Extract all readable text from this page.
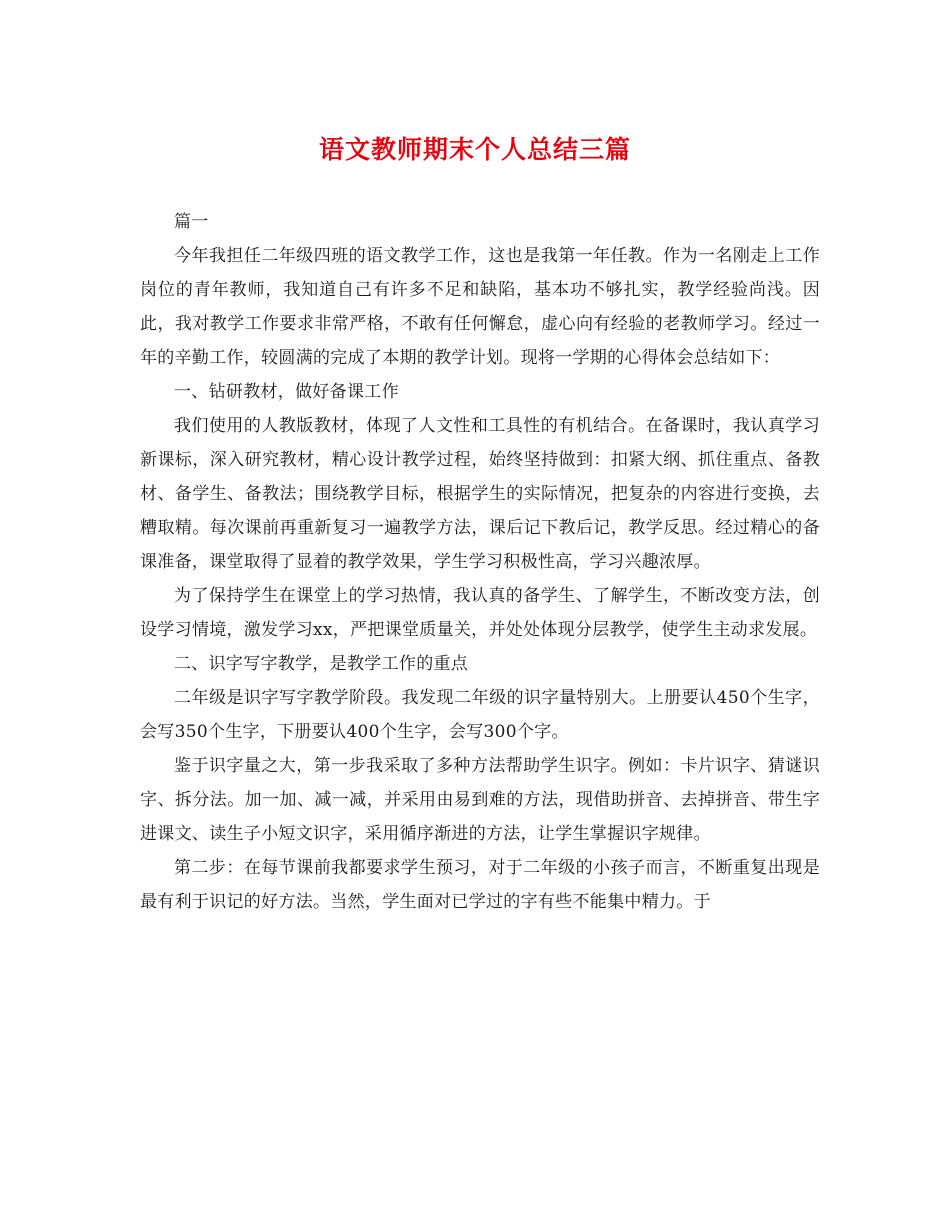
语文教师期末个人总结三篇

篇一

今年我担任二年级四班的语文教学工作，这也是我第一年任教。作为一名刚走上工作岗位的青年教师，我知道自己有许多不足和缺陷，基本功不够扎实，教学经验尚浅。因此，我对教学工作要求非常严格，不敢有任何懈怠，虚心向有经验的老教师学习。经过一年的辛勤工作，较圆满的完成了本期的教学计划。现将一学期的心得体会总结如下：

一、钻研教材，做好备课工作

我们使用的人教版教材，体现了人文性和工具性的有机结合。在备课时，我认真学习新课标，深入研究教材，精心设计教学过程，始终坚持做到：扣紧大纲、抓住重点、备教材、备学生、备教法；围绕教学目标，根据学生的实际情况，把复杂的内容进行变换，去糟取精。每次课前再重新复习一遍教学方法，课后记下教后记，教学反思。经过精心的备课准备，课堂取得了显着的教学效果，学生学习积极性高，学习兴趣浓厚。

为了保持学生在课堂上的学习热情，我认真的备学生、了解学生，不断改变方法，创设学习情境，激发学习xx，严把课堂质量关，并处处体现分层教学，使学生主动求发展。

二、识字写字教学，是教学工作的重点

二年级是识字写字教学阶段。我发现二年级的识字量特别大。上册要认450个生字，会写350个生字，下册要认400个生字，会写300个字。

鉴于识字量之大，第一步我采取了多种方法帮助学生识字。例如：卡片识字、猜谜识字、拆分法。加一加、减一减，并采用由易到难的方法，现借助拼音、去掉拼音、带生字进课文、读生子小短文识字，采用循序渐进的方法，让学生掌握识字规律。

第二步：在每节课前我都要求学生预习，对于二年级的小孩子而言，不断重复出现是最有利于识记的好方法。当然，学生面对已学过的字有些不能集中精力。于
